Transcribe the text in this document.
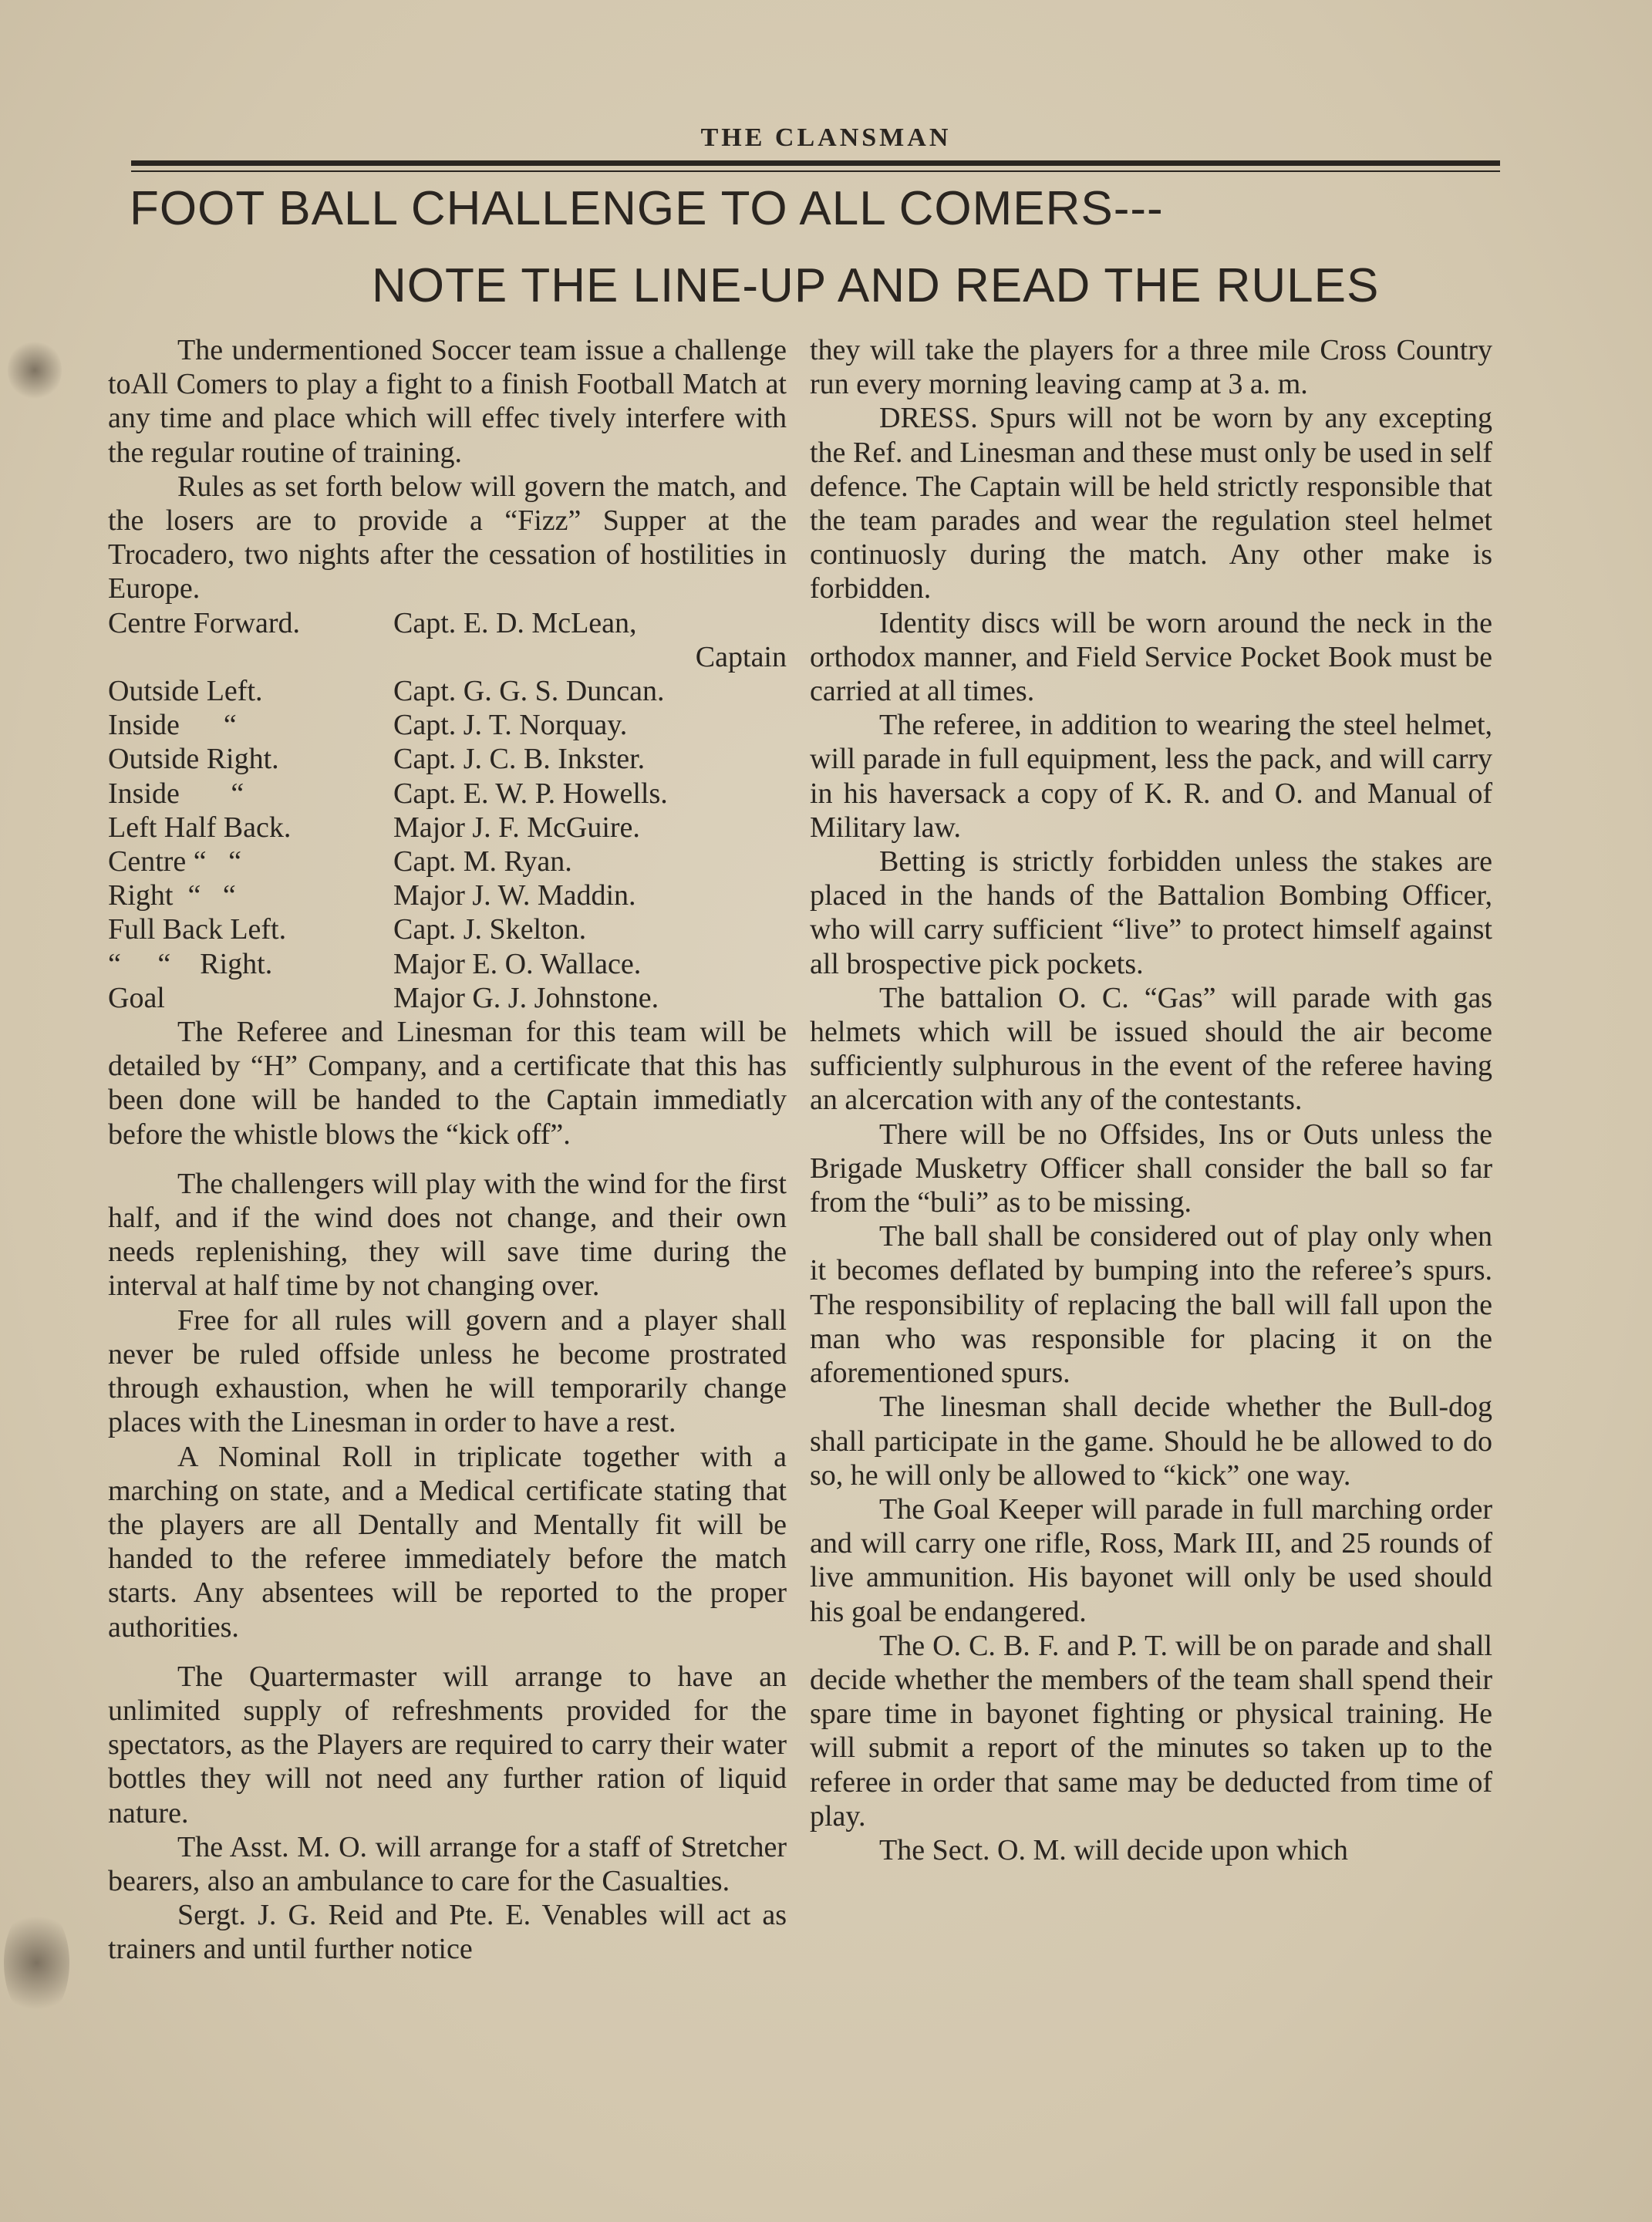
THE CLANSMAN
FOOT BALL CHALLENGE TO ALL COMERS---
NOTE THE LINE-UP AND READ THE RULES

The undermentioned Soccer team issue a challenge toAll Comers to play a fight to a finish Football Match at any time and place which will effec tively interfere with the regular routine of training.

Rules as set forth below will govern the match, and the losers are to provide a “Fizz” Supper at the Trocadero, two nights after the cessation of hostilities in Europe.

Centre Forward.	Capt. E. D. McLean,
Captain
Outside Left.	Capt. G. G. S. Duncan.
Inside      “	Capt. J. T. Norquay.
Outside Right.	Capt. J. C. B. Inkster.
Inside       “	Capt. E. W. P. Howells.
Left Half Back.	Major J. F. McGuire.
Centre “   “	Capt. M. Ryan.
Right  “   “	Major J. W. Maddin.
Full Back Left.	Capt. J. Skelton.
“     “    Right.	Major E. O. Wallace.
Goal	Major G. J. Johnstone.

The Referee and Linesman for this team will be detailed by “H” Company, and a certificate that this has been done will be handed to the Captain immediatly before the whistle blows the “kick off”.

The challengers will play with the wind for the first half, and if the wind does not change, and their own needs replenishing, they will save time during the interval at half time by not changing over.

Free for all rules will govern and a player shall never be ruled offside unless he become prostrated through exhaustion, when he will temporarily change places with the Linesman in order to have a rest.

A Nominal Roll in triplicate together with a marching on state, and a Medical certificate stating that the players are all Dentally and Mentally fit will be handed to the referee immediately before the match starts. Any absentees will be reported to the proper authorities.

The Quartermaster will arrange to have an unlimited supply of refreshments provided for the spectators, as the Players are required to carry their water bottles they will not need any further ration of liquid nature.

The Asst. M. O. will arrange for a staff of Stretcher bearers, also an ambulance to care for the Casualties.

Sergt. J. G. Reid and Pte. E. Venables will act as trainers and until further notice

they will take the players for a three mile Cross Country run every morning leaving camp at 3 a. m.

DRESS. Spurs will not be worn by any excepting the Ref. and Linesman and these must only be used in self defence. The Captain will be held strictly responsible that the team parades and wear the regulation steel helmet continuosly during the match. Any other make is forbidden.

Identity discs will be worn around the neck in the orthodox manner, and Field Service Pocket Book must be carried at all times.

The referee, in addition to wearing the steel helmet, will parade in full equipment, less the pack, and will carry in his haversack a copy of K. R. and O. and Manual of Military law.

Betting is strictly forbidden unless the stakes are placed in the hands of the Battalion Bombing Officer, who will carry sufficient “live” to protect himself against all brospective pick pockets.

The battalion O. C. “Gas” will parade with gas helmets which will be issued should the air become sufficiently sulphurous in the event of the referee having an alcercation with any of the contestants.

There will be no Offsides, Ins or Outs unless the Brigade Musketry Officer shall consider the ball so far from the “buli” as to be missing.

The ball shall be considered out of play only when it becomes deflated by bumping into the referee’s spurs. The responsibility of replacing the ball will fall upon the man who was responsible for placing it on the aforementioned spurs.

The linesman shall decide whether the Bull-dog shall participate in the game. Should he be allowed to do so, he will only be allowed to “kick” one way.

The Goal Keeper will parade in full marching order and will carry one rifle, Ross, Mark III, and 25 rounds of live ammunition. His bayonet will only be used should his goal be endangered.

The O. C. B. F. and P. T. will be on parade and shall decide whether the members of the team shall spend their spare time in bayonet fighting or physical training. He will submit a report of the minutes so taken up to the referee in order that same may be deducted from time of play.

The Sect. O. M. will decide upon which
